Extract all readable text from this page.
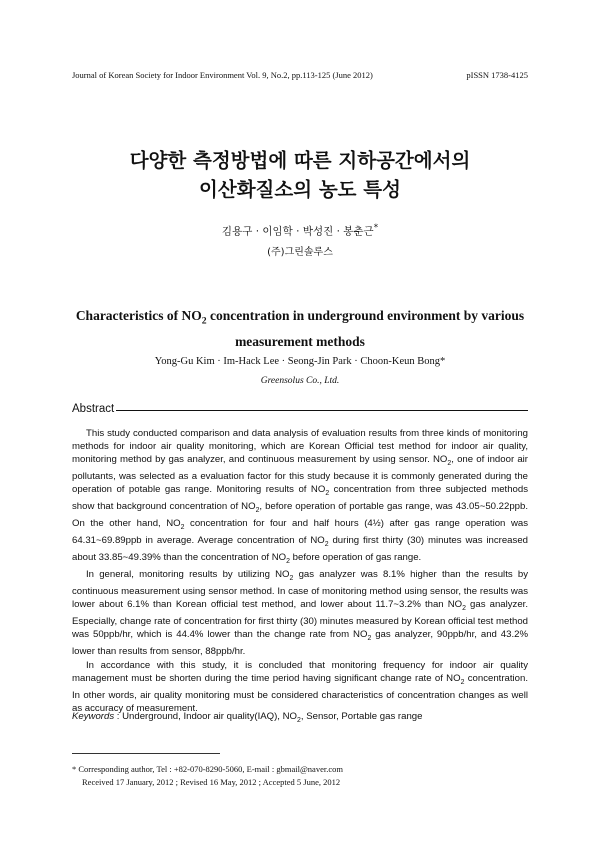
Journal of Korean Society for Indoor Environment Vol. 9, No.2, pp.113-125 (June 2012)	pISSN 1738-4125
다양한 측정방법에 따른 지하공간에서의
이산화질소의 농도 특성
김용구 · 이임학 · 박성진 · 봉춘근*
(주)그린솔루스
Characteristics of $NO_2$ concentration in underground environment by various measurement methods
Yong-Gu Kim · Im-Hack Lee · Seong-Jin Park · Choon-Keun Bong*
Greensolus Co., Ltd.
Abstract

This study conducted comparison and data analysis of evaluation results from three kinds of monitoring methods for indoor air quality monitoring, which are Korean Official test method for indoor air quality, monitoring method by gas analyzer, and continuous measurement by using sensor. $NO_2$, one of indoor air pollutants, was selected as a evaluation factor for this study because it is commonly generated during the operation of potable gas range. Monitoring results of $NO_2$ concentration from three subjected methods show that background concentration of $NO_2$, before operation of portable gas range, was 43.05~50.22ppb. On the other hand, $NO_2$ concentration for four and half hours (4½) after gas range operation was 64.31~69.89ppb in average. Average concentration of $NO_2$ during first thirty (30) minutes was increased about 33.85~49.39% than the concentration of $NO_2$ before operation of gas range.

In general, monitoring results by utilizing $NO_2$ gas analyzer was 8.1% higher than the results by continuous measurement using sensor method. In case of monitoring method using sensor, the results was lower about 6.1% than Korean official test method, and lower about 11.7~3.2% than $NO_2$ gas analyzer. Especially, change rate of concentration for first thirty (30) minutes measured by Korean official test method was 50ppb/hr, which is 44.4% lower than the change rate from $NO_2$ gas analyzer, 90ppb/hr, and 43.2% lower than results from sensor, 88ppb/hr.

In accordance with this study, it is concluded that monitoring frequency for indoor air quality management must be shorten during the time period having significant change rate of $NO_2$ concentration. In other words, air quality monitoring must be considered characteristics of concentration changes as well as accuracy of measurement.

Keywords : Underground, Indoor air quality(IAQ), $NO_2$, Sensor, Portable gas range
* Corresponding author, Tel : +82-070-8290-5060, E-mail : gbmail@naver.com
Received 17 January, 2012 ; Revised 16 May, 2012 ; Accepted 5 June, 2012
